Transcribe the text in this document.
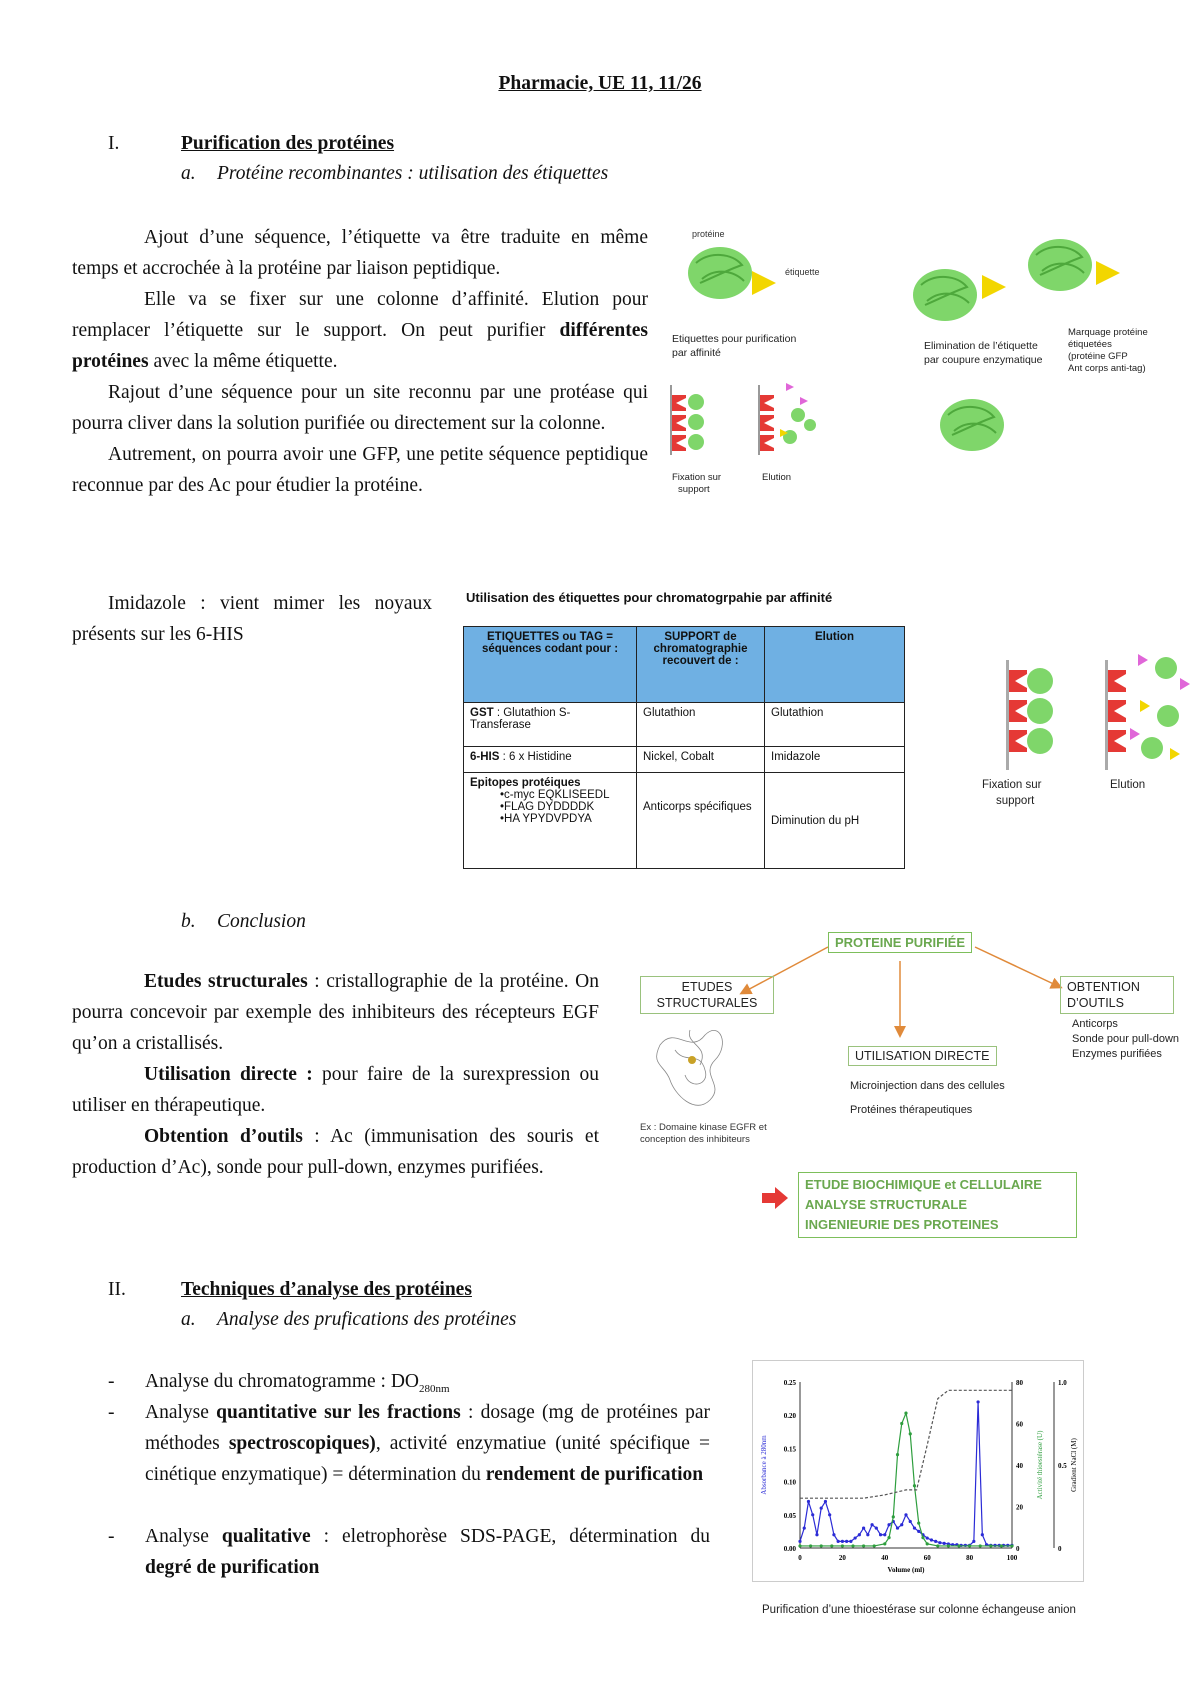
Pharmacie, UE 11, 11/26
I.	Purification des protéines
a. Protéine recombinantes : utilisation des étiquettes
Ajout d’une séquence, l’étiquette va être traduite en même temps et accrochée à la protéine par liaison peptidique.
Elle va se fixer sur une colonne d’affinité. Elution pour remplacer l’étiquette sur le support. On peut purifier différentes protéines avec la même étiquette.
Rajout d’une séquence pour un site reconnu par une protéase qui pourra cliver dans la solution purifiée ou directement sur la colonne.
Autrement, on pourra avoir une GFP, une petite séquence peptidique reconnue par des Ac pour étudier la protéine.
Imidazole : vient mimer les noyaux présents sur les 6-HIS
protéine
étiquette
Etiquettes pour purification
par affinité
Elimination de l’étiquette
par coupure enzymatique
Marquage protéine
étiquetées
(protéine GFP
Ant corps anti-tag)
Fixation sur
support
Elution
Utilisation des étiquettes pour chromatogrpahie par affinité
ETIQUETTES ou TAG = séquences codant pour :	SUPPORT de chromatographie recouvert de :	Elution
GST : Glutathion S-Transferase	Glutathion	Glutathion
6-HIS : 6 x Histidine	Nickel, Cobalt	Imidazole
Epitopes protéiques
•c-myc EQKLISEEDL
•FLAG DYDDDDK
•HA YPYDVPDYA	Anticorps spécifiques	Diminution du pH
Fixation sur
support
Elution
b. Conclusion
Etudes structurales : cristallographie de la protéine. On pourra concevoir par exemple des inhibiteurs des récepteurs EGF qu’on a cristallisés.
Utilisation directe : pour faire de la surexpression ou utiliser en thérapeutique.
Obtention d’outils : Ac (immunisation des souris et production d’Ac), sonde pour pull-down, enzymes purifiées.
PROTEINE PURIFIÉE
ETUDES STRUCTURALES
Ex : Domaine kinase EGFR et conception des inhibiteurs
UTILISATION DIRECTE
Microinjection dans des cellules
Protéines thérapeutiques
OBTENTION D’OUTILS
Anticorps
Sonde pour pull-down
Enzymes purifiées
ETUDE BIOCHIMIQUE et CELLULAIRE
ANALYSE STRUCTURALE
INGENIEURIE DES PROTEINES
II.	Techniques d’analyse des protéines
a. Analyse des prufications des protéines
- Analyse du chromatogramme : $DO_{280nm}$
- Analyse quantitative sur les fractions : dosage (mg de protéines par méthodes spectroscopiques), activité enzymatiue (unité spécifique = cinétique enzymatique) = détermination du rendement de purification
- Analyse qualitative : eletrophorèse SDS-PAGE, détermination du degré de purification	0	20	40	60	80	100
0.00
0.05
0.10
0.15
0.20
0.25
0
20
40
60
80
0
0.5
1.0
Volume (ml)
Absorbance à 280nm	Activité thioestérase (U)	Gradient NaCl (M)
Purification d’une thioestérase sur colonne échangeuse anion
